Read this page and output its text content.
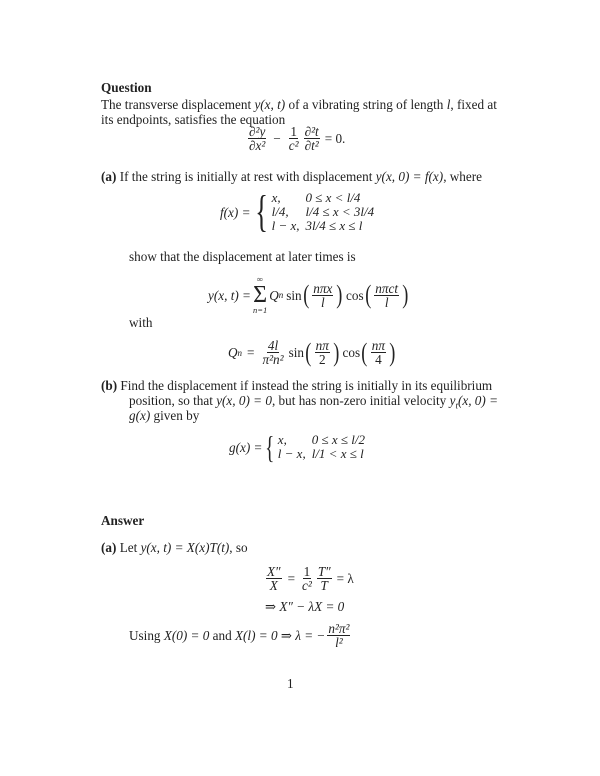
Question
The transverse displacement y(x, t) of a vibrating string of length l, fixed at
its endpoints, satisfies the equation
$\frac{\text{∂²y}}{\text{∂x²}} - \frac{1}{\text{c²}} \frac{\text{∂²t}}{\text{∂t²}} = 0$.
(a) If the string is initially at rest with displacement y(x, 0) = f(x), where
f(x) = { x,	0 ≤ x < l/4
l/4,	l/4 ≤ x < 3l/4
l − x,	3l/4 ≤ x ≤ l
show that the displacement at later times is
y(x, t) =
∞
Σ
n=1
Q n sin ( $\frac{\text{nπx}}{l}$ ) cos ( $\frac{\text{nπct}}{l}$ )
with
Q $n = \frac{4l}{\text{π²n²}}$ sin ( $\frac{n\pi}{2}$ ) cos ( $\frac{n\pi}{4}$ )
(b) Find the displacement if instead the string is initially in its equilibrium
position, so that y(x, 0) = 0, but has non-zero initial velocity $y_t(x$, 0) =
g(x) given by
g(x) = { x,	0 ≤ x ≤ l/2
l − x,	l/1 < x ≤ l
Answer
(a) Let y(x, t) = X(x)T(t), so
$\frac{X''}{X} = \frac{1}{\text{c²}} \frac{T''}{T} = \lambda$
⇒ X″ − λX = 0
Using X(0) = 0 and X(l) = 0 ⇒ λ = − $\frac{\text{n²π²}}{\text{l²}}$
1
